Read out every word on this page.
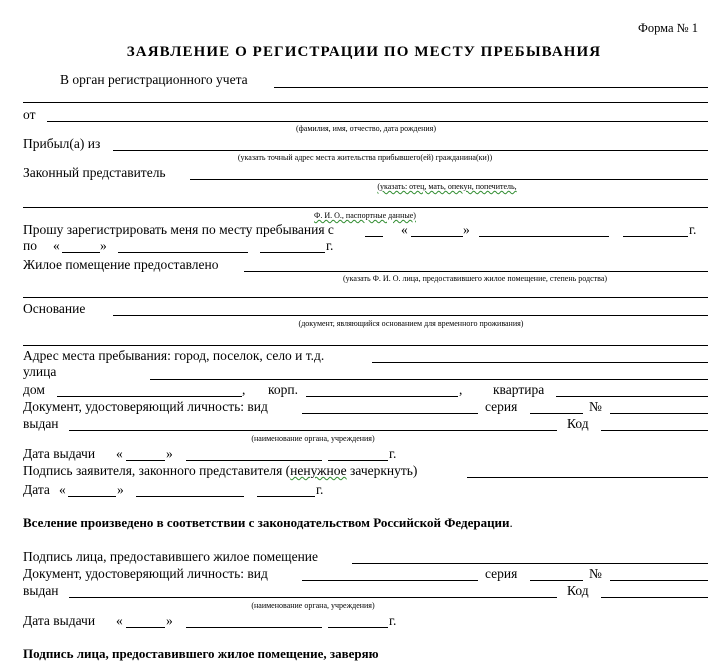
Форма № 1
ЗАЯВЛЕНИЕ О РЕГИСТРАЦИИ ПО МЕСТУ ПРЕБЫВАНИЯ
В орган регистрационного учета
от
(фамилия, имя, отчество, дата рождения)
Прибыл(а) из
(указать точный адрес места жительства прибывшего(ей) гражданина(ки))
Законный представитель
(указать: отец, мать, опекун, попечитель,
Ф. И. О., паспортные данные)
Прошу зарегистрировать меня по месту пребывания с	«	»	г.
по «	»	г.
Жилое помещение предоставлено
(указать Ф. И. О. лица, предоставившего жилое помещение, степень родства)
Основание
(документ, являющийся основанием для временного проживания)
Адрес места пребывания: город, поселок, село и т.д.
улица
дом	, корп.	, квартира
Документ, удостоверяющий личность: вид	серия	№
выдан	Код
(наименование органа, учреждения)
Дата выдачи «	»	г.
Подпись заявителя, законного представителя (ненужное зачеркнуть)
Дата «	»	г.
Вселение произведено в соответствии с законодательством Российской Федерации.
Подпись лица, предоставившего жилое помещение
Документ, удостоверяющий личность: вид	серия	№
выдан	Код
(наименование органа, учреждения)
Дата выдачи «	»	г.
Подпись лица, предоставившего жилое помещение, заверяю
